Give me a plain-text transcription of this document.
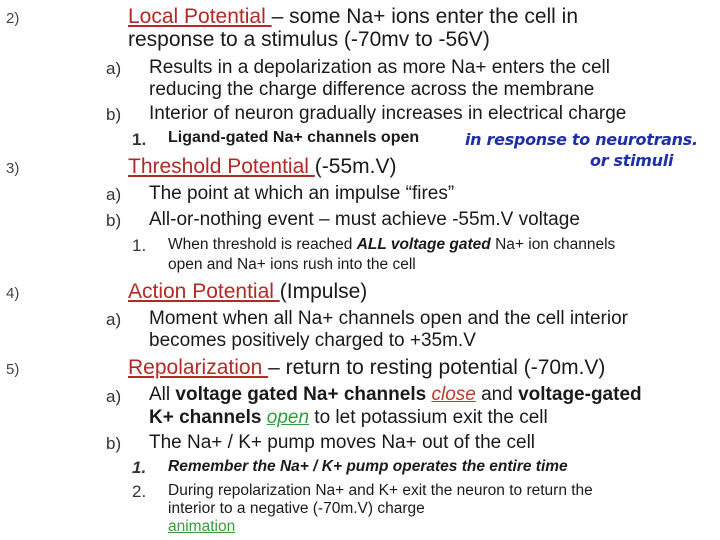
2)	Local Potential – some Na+ ions enter the cell in
response to a stimulus (-70mv to -56V)
a) Results in a depolarization as more Na+ enters the cell
reducing the charge difference across the membrane
b) Interior of neuron gradually increases in electrical charge
1. Ligand-gated Na+ channels open	in response to neurotrans.
or stimuli
3)	Threshold Potential (-55m.V)
a) The point at which an impulse “fires”
b) All-or-nothing event – must achieve -55m.V voltage
1. When threshold is reached ALL voltage gated Na+ ion channels
open and Na+ ions rush into the cell
4)	Action Potential (Impulse)
a) Moment when all Na+ channels open and the cell interior
becomes positively charged to +35m.V
5)	Repolarization – return to resting potential (-70m.V)
a) All voltage gated Na+ channels close and voltage-gated
K+ channels open to let potassium exit the cell
b) The Na+ / K+ pump moves Na+ out of the cell
1. Remember the Na+ / K+ pump operates the entire time
2. During repolarization Na+ and K+ exit the neuron to return the
interior to a negative (-70m.V) charge
animation
